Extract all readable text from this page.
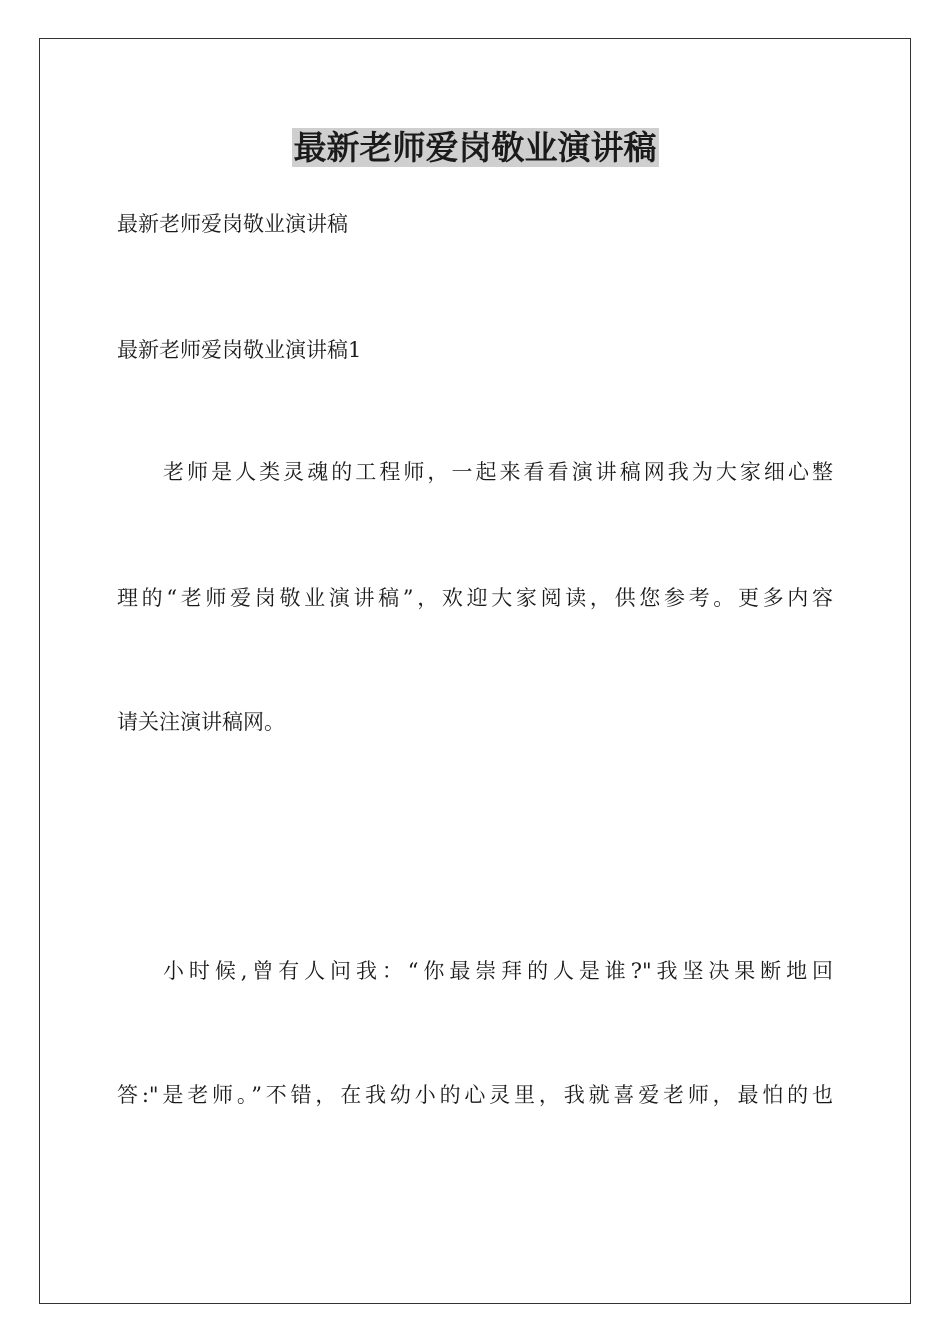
最新老师爱岗敬业演讲稿

最新老师爱岗敬业演讲稿

最新老师爱岗敬业演讲稿1

老师是人类灵魂的工程师，一起来看看演讲稿网我为大家细心整

理的“老师爱岗敬业演讲稿”，欢迎大家阅读，供您参考。更多内容

请关注演讲稿网。

小时候,曾有人问我：“你最崇拜的人是谁?"我坚决果断地回

答:"是老师。”不错，在我幼小的心灵里，我就喜爱老师，最怕的也
